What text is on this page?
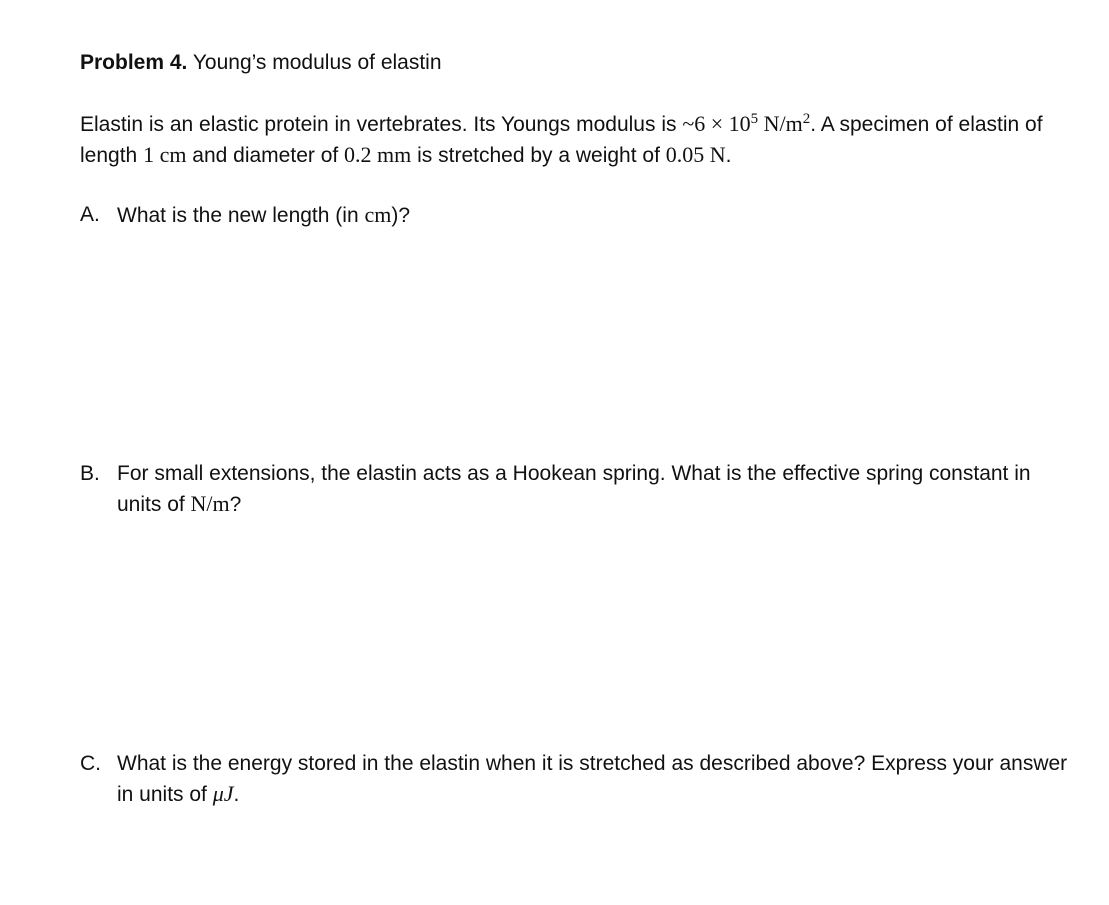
Problem 4. Young’s modulus of elastin
Elastin is an elastic protein in vertebrates. Its Youngs modulus is ~6 × $10^5$ $N/m^2$. A specimen of elastin of length 1 cm and diameter of 0.2 mm is stretched by a weight of 0.05 N.
A. What is the new length (in cm)?
B. For small extensions, the elastin acts as a Hookean spring. What is the effective spring constant in units of N/m?
C. What is the energy stored in the elastin when it is stretched as described above? Express your answer in units of μJ.
